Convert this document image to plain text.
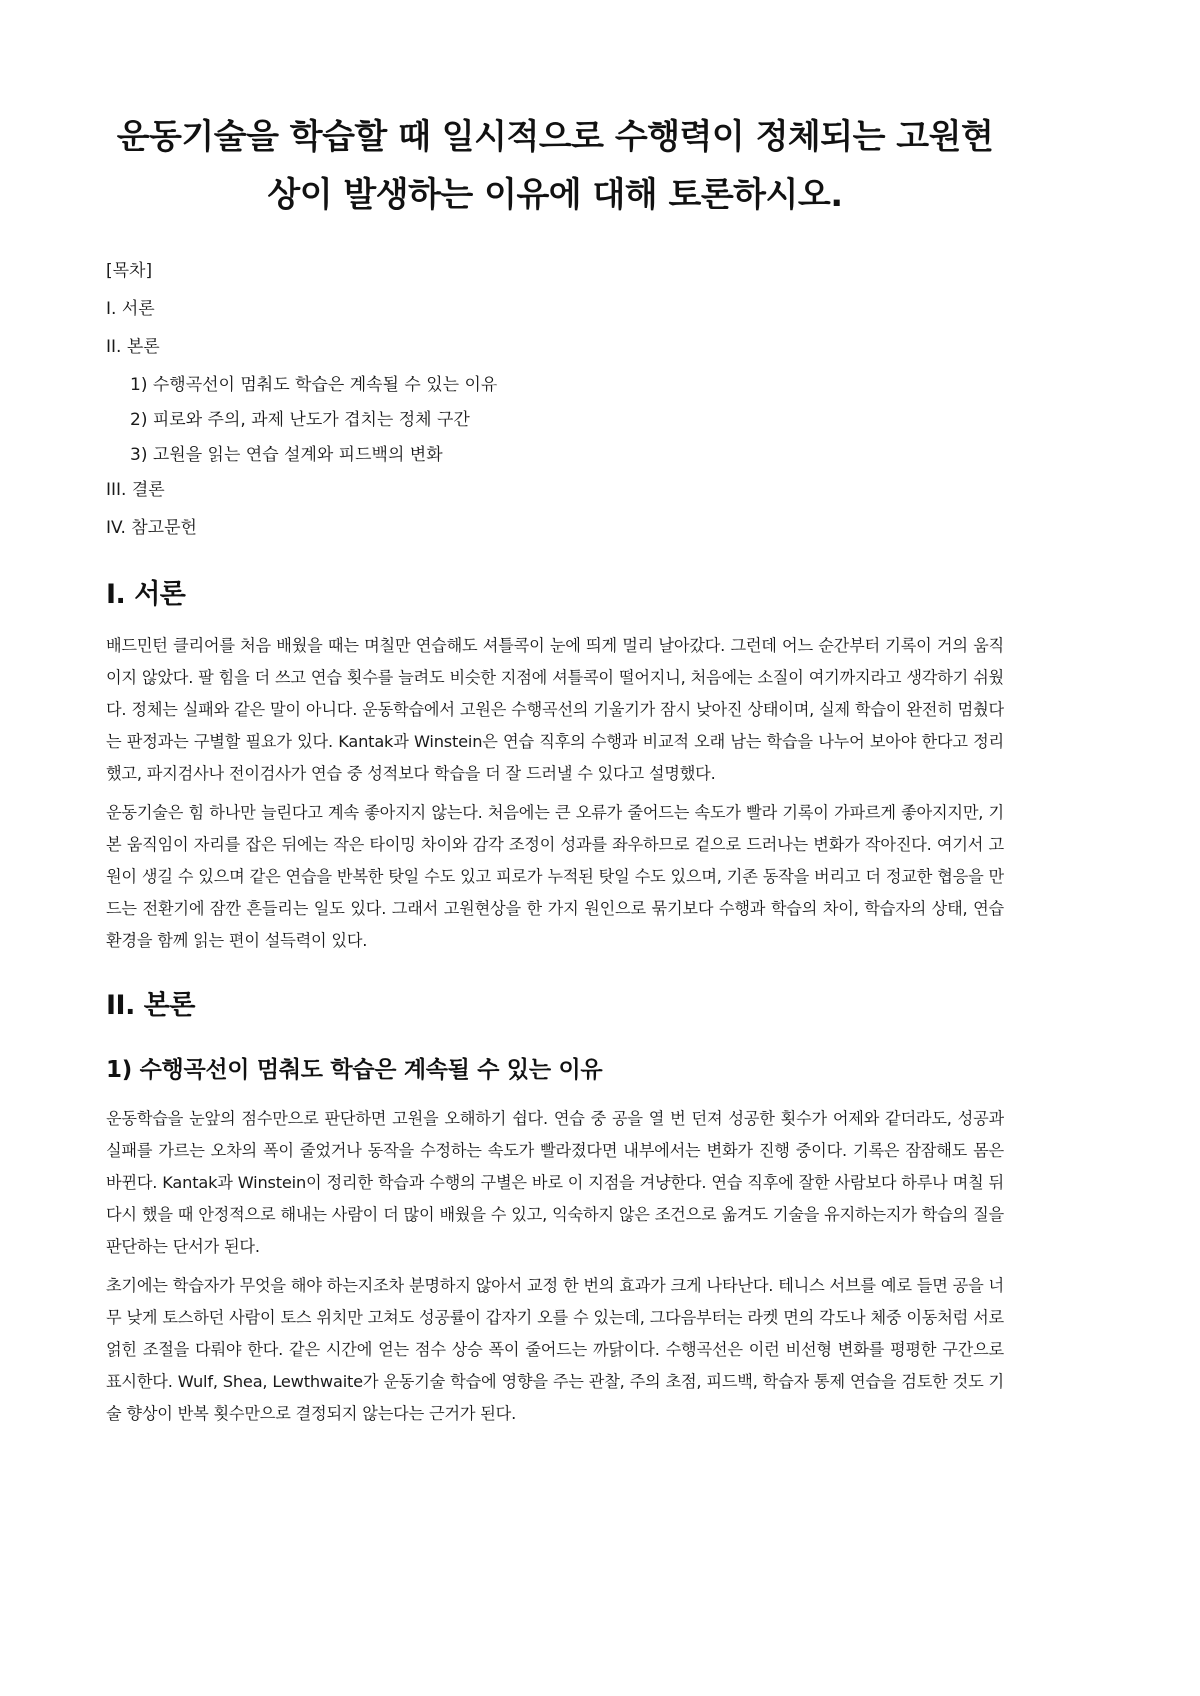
운동기술을 학습할 때 일시적으로 수행력이 정체되는 고원현상이 발생하는 이유에 대해 토론하시오.
[목차]
I. 서론
II. 본론
1) 수행곡선이 멈춰도 학습은 계속될 수 있는 이유
2) 피로와 주의, 과제 난도가 겹치는 정체 구간
3) 고원을 읽는 연습 설계와 피드백의 변화
III. 결론
IV. 참고문헌
I. 서론

배드민턴 클리어를 처음 배웠을 때는 며칠만 연습해도 셔틀콕이 눈에 띄게 멀리 날아갔다. 그런데 어느 순간부터 기록이 거의 움직이지 않았다. 팔 힘을 더 쓰고 연습 횟수를 늘려도 비슷한 지점에 셔틀콕이 떨어지니, 처음에는 소질이 여기까지라고 생각하기 쉬웠다. 정체는 실패와 같은 말이 아니다. 운동학습에서 고원은 수행곡선의 기울기가 잠시 낮아진 상태이며, 실제 학습이 완전히 멈췄다는 판정과는 구별할 필요가 있다. Kantak과 Winstein은 연습 직후의 수행과 비교적 오래 남는 학습을 나누어 보아야 한다고 정리했고, 파지검사나 전이검사가 연습 중 성적보다 학습을 더 잘 드러낼 수 있다고 설명했다.

운동기술은 힘 하나만 늘린다고 계속 좋아지지 않는다. 처음에는 큰 오류가 줄어드는 속도가 빨라 기록이 가파르게 좋아지지만, 기본 움직임이 자리를 잡은 뒤에는 작은 타이밍 차이와 감각 조정이 성과를 좌우하므로 겉으로 드러나는 변화가 작아진다. 여기서 고원이 생길 수 있으며 같은 연습을 반복한 탓일 수도 있고 피로가 누적된 탓일 수도 있으며, 기존 동작을 버리고 더 정교한 협응을 만드는 전환기에 잠깐 흔들리는 일도 있다. 그래서 고원현상을 한 가지 원인으로 묶기보다 수행과 학습의 차이, 학습자의 상태, 연습 환경을 함께 읽는 편이 설득력이 있다.

II. 본론
1) 수행곡선이 멈춰도 학습은 계속될 수 있는 이유

운동학습을 눈앞의 점수만으로 판단하면 고원을 오해하기 쉽다. 연습 중 공을 열 번 던져 성공한 횟수가 어제와 같더라도, 성공과 실패를 가르는 오차의 폭이 줄었거나 동작을 수정하는 속도가 빨라졌다면 내부에서는 변화가 진행 중이다. 기록은 잠잠해도 몸은 바뀐다. Kantak과 Winstein이 정리한 학습과 수행의 구별은 바로 이 지점을 겨냥한다. 연습 직후에 잘한 사람보다 하루나 며칠 뒤 다시 했을 때 안정적으로 해내는 사람이 더 많이 배웠을 수 있고, 익숙하지 않은 조건으로 옮겨도 기술을 유지하는지가 학습의 질을 판단하는 단서가 된다.

초기에는 학습자가 무엇을 해야 하는지조차 분명하지 않아서 교정 한 번의 효과가 크게 나타난다. 테니스 서브를 예로 들면 공을 너무 낮게 토스하던 사람이 토스 위치만 고쳐도 성공률이 갑자기 오를 수 있는데, 그다음부터는 라켓 면의 각도나 체중 이동처럼 서로 얽힌 조절을 다뤄야 한다. 같은 시간에 얻는 점수 상승 폭이 줄어드는 까닭이다. 수행곡선은 이런 비선형 변화를 평평한 구간으로 표시한다. Wulf, Shea, Lewthwaite가 운동기술 학습에 영향을 주는 관찰, 주의 초점, 피드백, 학습자 통제 연습을 검토한 것도 기술 향상이 반복 횟수만으로 결정되지 않는다는 근거가 된다.
